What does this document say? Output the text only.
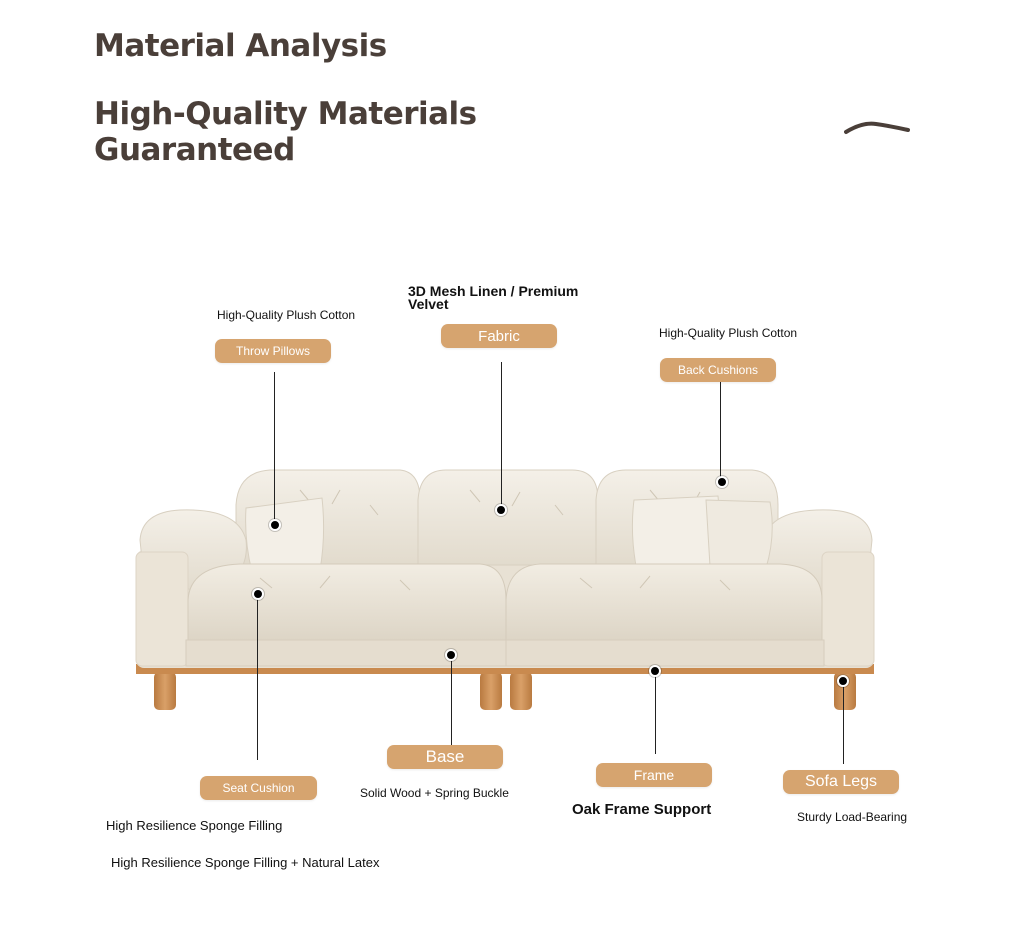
Material Analysis
High-Quality Materials Guaranteed
High-Quality Plush Cotton
Throw Pillows
3D Mesh Linen / Premium Velvet
Fabric	High-Quality Plush Cotton
Back Cushions
Seat Cushion
High Resilience Sponge Filling
High Resilience Sponge Filling + Natural Latex
Base
Solid Wood + Spring Buckle
Frame
Oak Frame Support
Sofa Legs
Sturdy Load-Bearing
